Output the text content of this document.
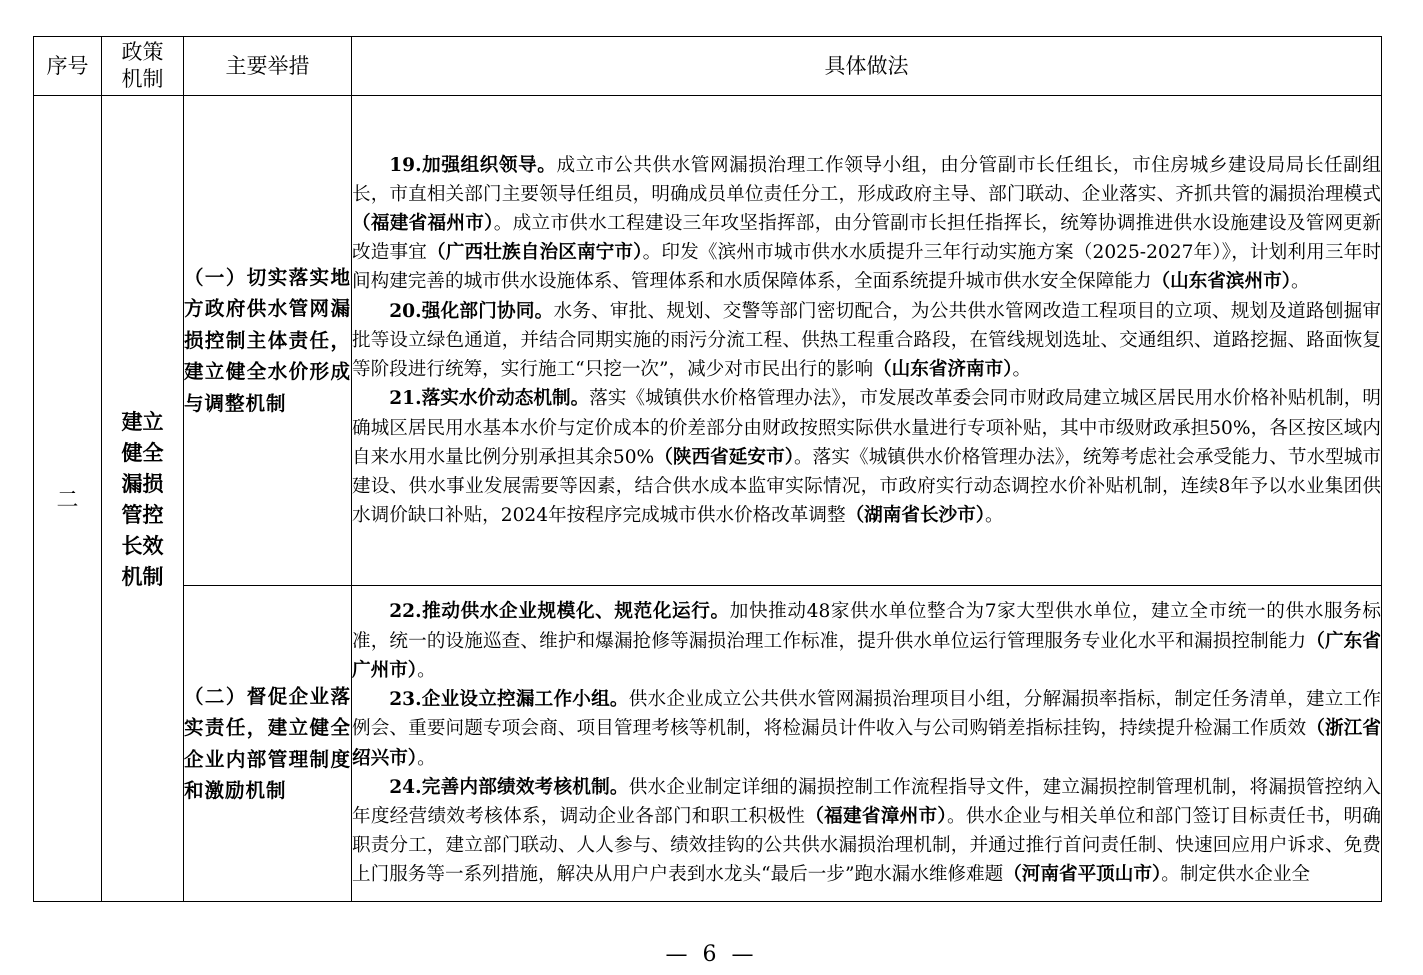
序号	政策机制	主要举措	具体做法
二	建立健全漏损管控长效机制	（一）切实落实地方政府供水管网漏损控制主体责任，建立健全水价形成与调整机制	19.加强组织领导。成立市公共供水管网漏损治理工作领导小组，由分管副市长任组长，市住房城乡建设局局长任副组长，市直相关部门主要领导任组员，明确成员单位责任分工，形成政府主导、部门联动、企业落实、齐抓共管的漏损治理模式（福建省福州市）。成立市供水工程建设三年攻坚指挥部，由分管副市长担任指挥长，统筹协调推进供水设施建设及管网更新改造事宜（广西壮族自治区南宁市）。印发《滨州市城市供水水质提升三年行动实施方案（2025-2027年）》，计划利用三年时间构建完善的城市供水设施体系、管理体系和水质保障体系，全面系统提升城市供水安全保障能力（山东省滨州市）。

20.强化部门协同。水务、审批、规划、交警等部门密切配合，为公共供水管网改造工程项目的立项、规划及道路刨掘审批等设立绿色通道，并结合同期实施的雨污分流工程、供热工程重合路段，在管线规划选址、交通组织、道路挖掘、路面恢复等阶段进行统筹，实行施工“只挖一次”，减少对市民出行的影响（山东省济南市）。

21.落实水价动态机制。落实《城镇供水价格管理办法》，市发展改革委会同市财政局建立城区居民用水价格补贴机制，明确城区居民用水基本水价与定价成本的价差部分由财政按照实际供水量进行专项补贴，其中市级财政承担50%，各区按区域内自来水用水量比例分别承担其余50%（陕西省延安市）。落实《城镇供水价格管理办法》，统筹考虑社会承受能力、节水型城市建设、供水事业发展需要等因素，结合供水成本监审实际情况，市政府实行动态调控水价补贴机制，连续8年予以水业集团供水调价缺口补贴，2024年按程序完成城市供水价格改革调整（湖南省长沙市）。

		（二）督促企业落实责任，建立健全企业内部管理制度和激励机制	22.推动供水企业规模化、规范化运行。加快推动48家供水单位整合为7家大型供水单位，建立全市统一的供水服务标准，统一的设施巡查、维护和爆漏抢修等漏损治理工作标准，提升供水单位运行管理服务专业化水平和漏损控制能力（广东省广州市）。

23.企业设立控漏工作小组。供水企业成立公共供水管网漏损治理项目小组，分解漏损率指标，制定任务清单，建立工作例会、重要问题专项会商、项目管理考核等机制，将检漏员计件收入与公司购销差指标挂钩，持续提升检漏工作质效（浙江省绍兴市）。

24.完善内部绩效考核机制。供水企业制定详细的漏损控制工作流程指导文件，建立漏损控制管理机制，将漏损管控纳入年度经营绩效考核体系，调动企业各部门和职工积极性（福建省漳州市）。供水企业与相关单位和部门签订目标责任书，明确职责分工，建立部门联动、人人参与、绩效挂钩的公共供水漏损治理机制，并通过推行首问责任制、快速回应用户诉求、免费上门服务等一系列措施，解决从用户户表到水龙头“最后一步”跑水漏水维修难题（河南省平顶山市）。制定供水企业全

— 6 —
